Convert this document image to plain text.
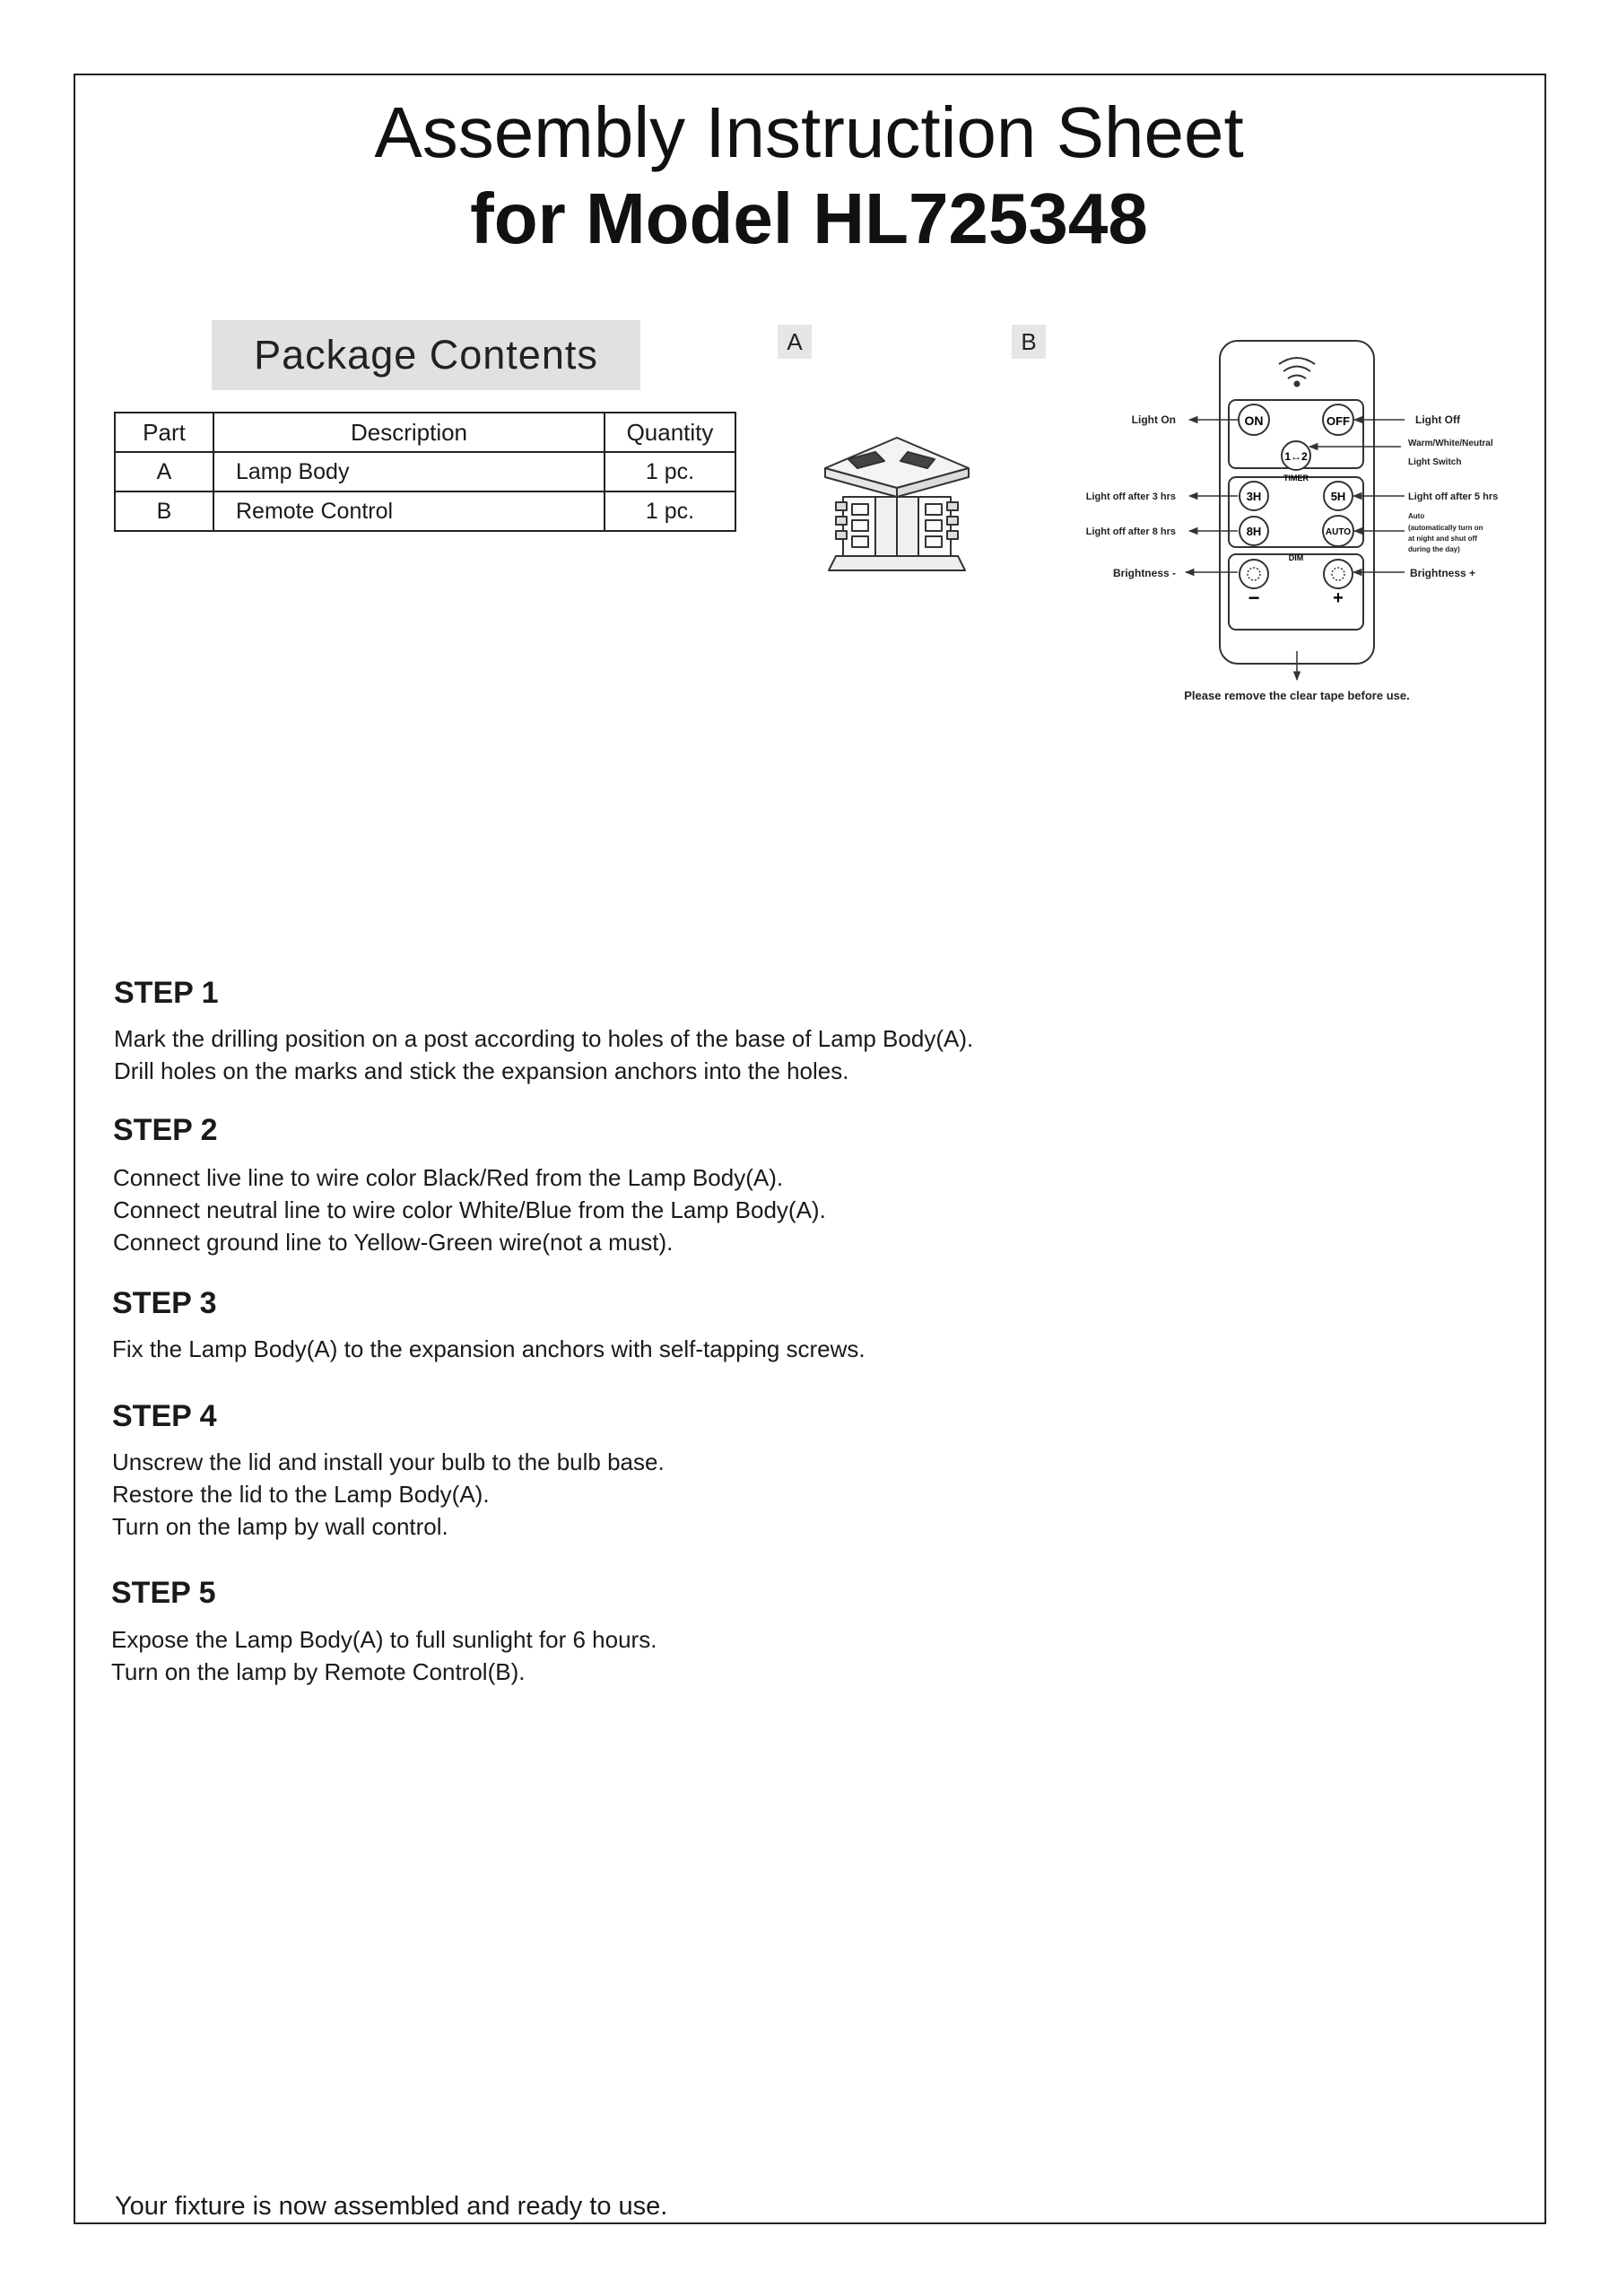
Assembly Instruction Sheet
for Model HL725348
Package Contents
Part	Description	Quantity
A	Lamp Body	1 pc.
B	Remote Control	1 pc.
A	B
ON	OFF
1↔2
TIMER
3H	5H
8H	AUTO
DIM
−	+
Light On	Light Off
Warm/White/Neutral
Light Switch
Light off after 3 hrs	Light off after 5 hrs
Light off after 8 hrs
Auto
(automatically turn on
at night and shut off
during the day)
Brightness -	Brightness +
Please remove the clear tape before use.
STEP 1
Mark the drilling position on a post according to holes of the base of Lamp Body(A).
Drill holes on the marks and stick the expansion anchors into the holes.
STEP 2
Connect live line to wire color Black/Red from the Lamp Body(A).
Connect neutral line to wire color White/Blue from the Lamp Body(A).
Connect ground line to Yellow-Green wire(not a must).
STEP 3
Fix the Lamp Body(A) to the expansion anchors with self-tapping screws.
STEP 4
Unscrew the lid and install your bulb to the bulb base.
Restore the lid to the Lamp Body(A).
Turn on the lamp by wall control.
STEP 5
Expose the Lamp Body(A) to full sunlight for 6 hours.
Turn on the lamp by Remote Control(B).
Your fixture is now assembled and ready to use.
